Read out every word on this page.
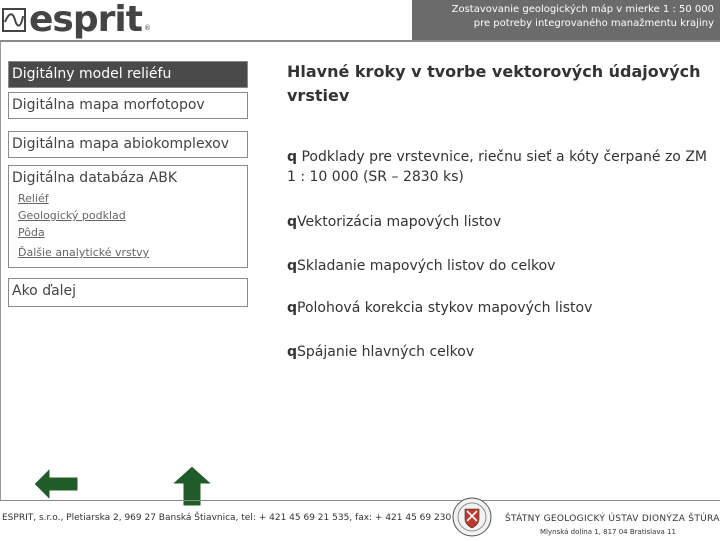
esprit ®
Zostavovanie geologických máp v mierke 1 : 50 000
pre potreby integrovaného manažmentu krajiny
Digitálny model reliéfu
Digitálna mapa morfotopov
Digitálna mapa abiokomplexov
Digitálna databáza ABK
Reliéf
Geologický podklad
Pôda
Ďalšie analytické vrstvy
Ako ďalej
Hlavné kroky v tvorbe vektorových údajových vrstiev
q Podklady pre vrstevnice, riečnu sieť a kóty čerpané zo ZM 1 : 10 000 (SR – 2830 ks)
qVektorizácia mapových listov
qSkladanie mapových listov do celkov
qPolohová korekcia stykov mapových listov
qSpájanie hlavných celkov
ESPRIT, s.r.o., Pletiarska 2, 969 27 Banská Štiavnica, tel: + 421 45 69 21 535, fax: + 421 45 69 230	ŠTÁTNY GEOLOGICKÝ ÚSTAV DIONÝZA ŠTÚRA
Mlynská dolina 1, 817 04 Bratislava 11
